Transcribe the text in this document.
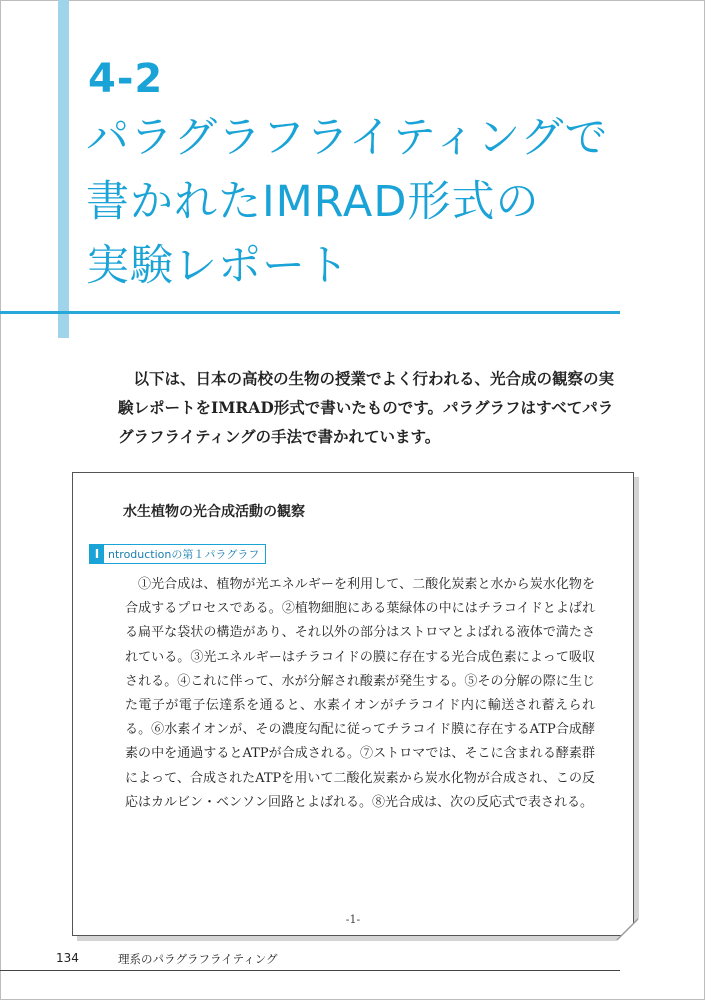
4-2
パラグラフライティングで
書かれたIMRAD形式の
実験レポート

以下は、日本の高校の生物の授業でよく行われる、光合成の観察の実験レポートをIMRAD形式で書いたものです。パラグラフはすべてパラグラフライティングの手法で書かれています。

水生植物の光合成活動の観察
I ntroductionの第１パラグラフ

①光合成は、植物が光エネルギーを利用して、二酸化炭素と水から炭水化物を合成するプロセスである。②植物細胞にある葉緑体の中にはチラコイドとよばれる扁平な袋状の構造があり、それ以外の部分はストロマとよばれる液体で満たされている。③光エネルギーはチラコイドの膜に存在する光合成色素によって吸収される。④これに伴って、水が分解され酸素が発生する。⑤その分解の際に生じた電子が電子伝達系を通ると、水素イオンがチラコイド内に輸送され蓄えられる。⑥水素イオンが、その濃度勾配に従ってチラコイド膜に存在するATP合成酵素の中を通過するとATPが合成される。⑦ストロマでは、そこに含まれる酵素群によって、合成されたATPを用いて二酸化炭素から炭水化物が合成され、この反応はカルビン・ベンソン回路とよばれる。⑧光合成は、次の反応式で表される。

-1-
134	理系のパラグラフライティング
